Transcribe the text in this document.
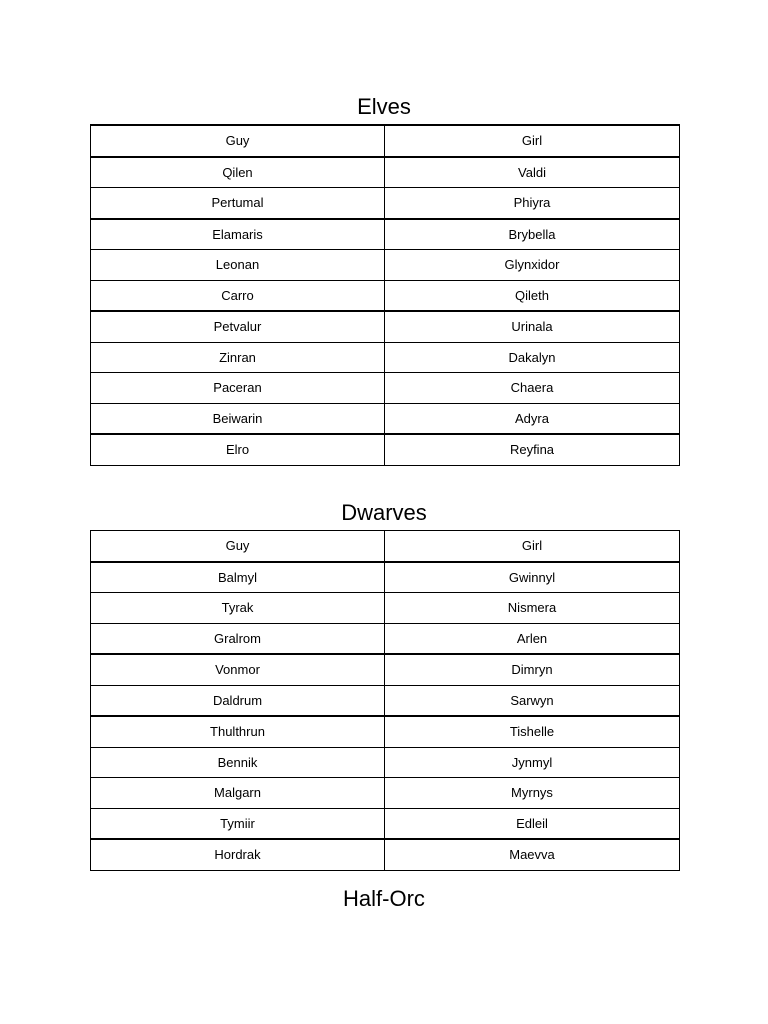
Elves
Guy	Girl
Qilen	Valdi
Pertumal	Phiyra
Elamaris	Brybella
Leonan	Glynxidor
Carro	Qileth
Petvalur	Urinala
Zinran	Dakalyn
Paceran	Chaera
Beiwarin	Adyra
Elro	Reyfina
Dwarves
Guy	Girl
Balmyl	Gwinnyl
Tyrak	Nismera
Gralrom	Arlen
Vonmor	Dimryn
Daldrum	Sarwyn
Thulthrun	Tishelle
Bennik	Jynmyl
Malgarn	Myrnys
Tymiir	Edleil
Hordrak	Maevva
Half-Orc
